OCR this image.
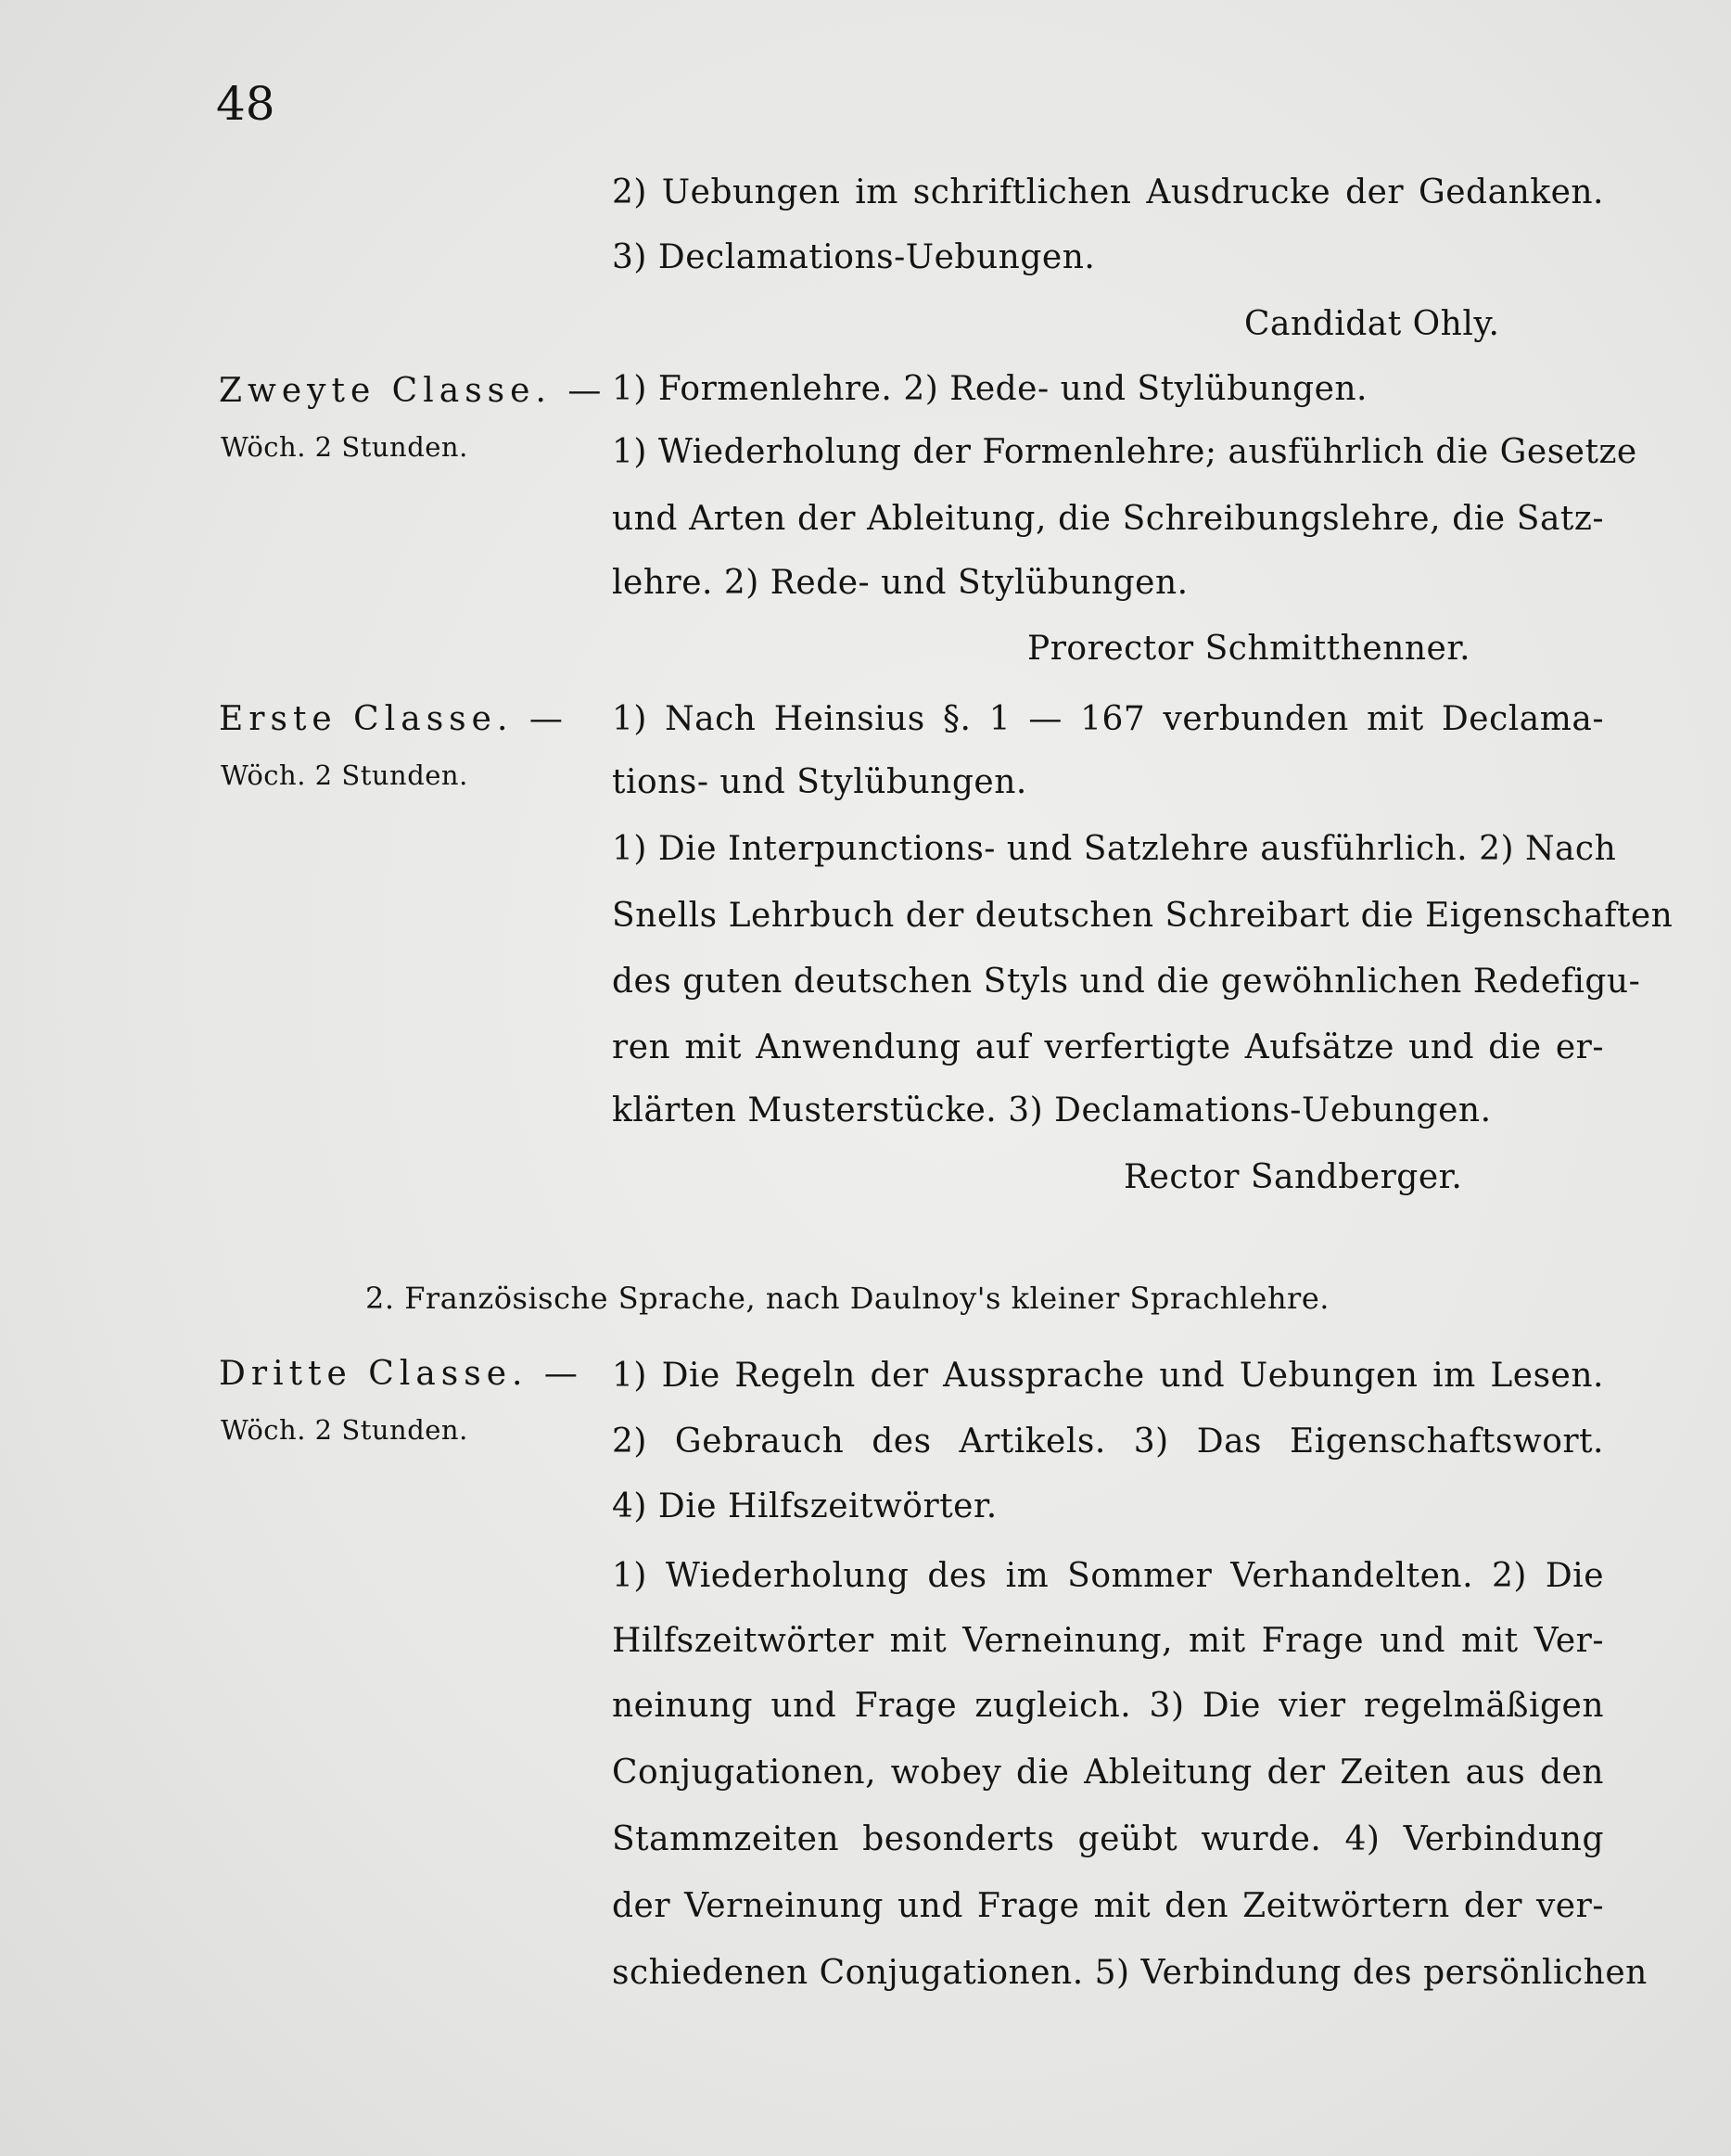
48
2) Uebungen im schriftlichen Ausdrucke der Gedanken.
3) Declamations-Uebungen.
Candidat Ohly.
Zweyte Classe. —
Wöch. 2 Stunden.
1) Formenlehre. 2) Rede- und Stylübungen.
1) Wiederholung der Formenlehre; ausführlich die Gesetze
und Arten der Ableitung, die Schreibungslehre, die Satz-
lehre. 2) Rede- und Stylübungen.
Prorector Schmitthenner.
Erste Classe. —
Wöch. 2 Stunden.
1) Nach Heinsius §. 1 — 167 verbunden mit Declama-
tions- und Stylübungen.
1) Die Interpunctions- und Satzlehre ausführlich. 2) Nach
Snells Lehrbuch der deutschen Schreibart die Eigenschaften
des guten deutschen Styls und die gewöhnlichen Redefigu-
ren mit Anwendung auf verfertigte Aufsätze und die er-
klärten Musterstücke. 3) Declamations-Uebungen.
Rector Sandberger.
2. Französische Sprache, nach Daulnoy's kleiner Sprachlehre.
Dritte Classe. —
Wöch. 2 Stunden.
1) Die Regeln der Aussprache und Uebungen im Lesen.
2) Gebrauch des Artikels. 3) Das Eigenschaftswort.
4) Die Hilfszeitwörter.
1) Wiederholung des im Sommer Verhandelten. 2) Die
Hilfszeitwörter mit Verneinung, mit Frage und mit Ver-
neinung und Frage zugleich. 3) Die vier regelmäßigen
Conjugationen, wobey die Ableitung der Zeiten aus den
Stammzeiten besonderts geübt wurde. 4) Verbindung
der Verneinung und Frage mit den Zeitwörtern der ver-
schiedenen Conjugationen. 5) Verbindung des persönlichen
